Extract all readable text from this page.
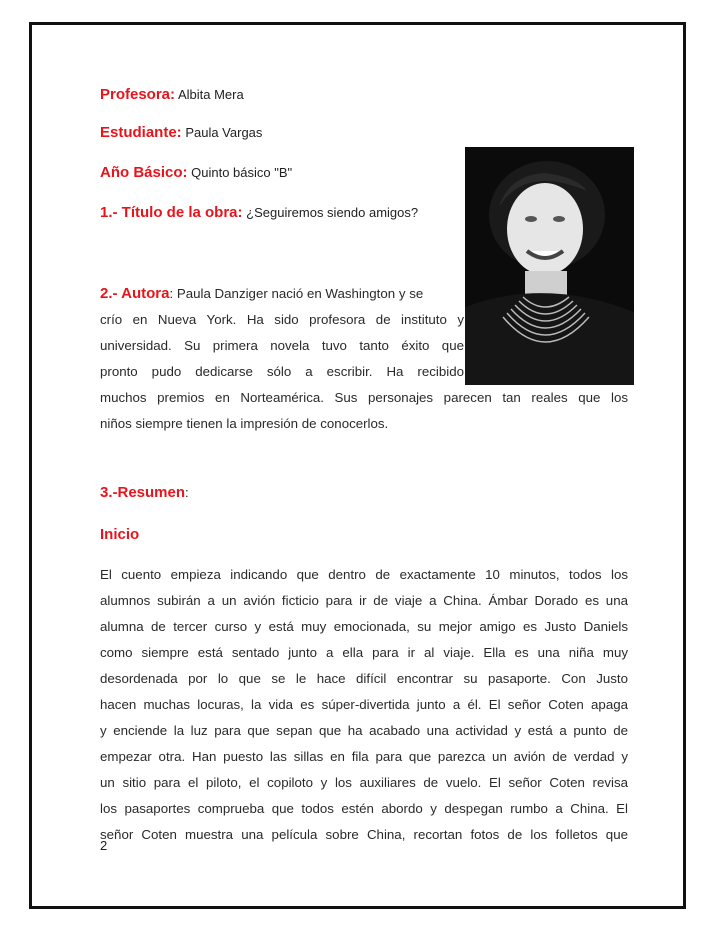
Profesora: Albita Mera
Estudiante: Paula Vargas
Año Básico: Quinto básico "B"
1.- Título de la obra: ¿Seguiremos siendo amigos?
2.- Autora: Paula Danziger nació en Washington y se
crío en Nueva York. Ha sido profesora de instituto y
universidad. Su primera novela tuvo tanto éxito que
pronto pudo dedicarse sólo a escribir. Ha recibido
muchos premios en Norteamérica. Sus personajes parecen tan reales que los
niños siempre tienen la impresión de conocerlos.
3.-Resumen:
Inicio
El cuento empieza indicando que dentro de exactamente 10 minutos, todos los
alumnos subirán a un avión ficticio para ir de viaje a China. Ámbar Dorado es una
alumna de tercer curso y está muy emocionada, su mejor amigo es Justo Daniels
como siempre está sentado junto a ella para ir al viaje. Ella es una niña muy
desordenada por lo que se le hace difícil encontrar su pasaporte. Con Justo
hacen muchas locuras, la vida es súper-divertida junto a él. El señor Coten apaga
y enciende la luz para que sepan que ha acabado una actividad y está a punto de
empezar otra. Han puesto las sillas en fila para que parezca un avión de verdad y
un sitio para el piloto, el copiloto y los auxiliares de vuelo. El señor Coten revisa
los pasaportes comprueba que todos estén abordo y despegan rumbo a China. El
señor Coten muestra una película sobre China, recortan fotos de los folletos que
2
